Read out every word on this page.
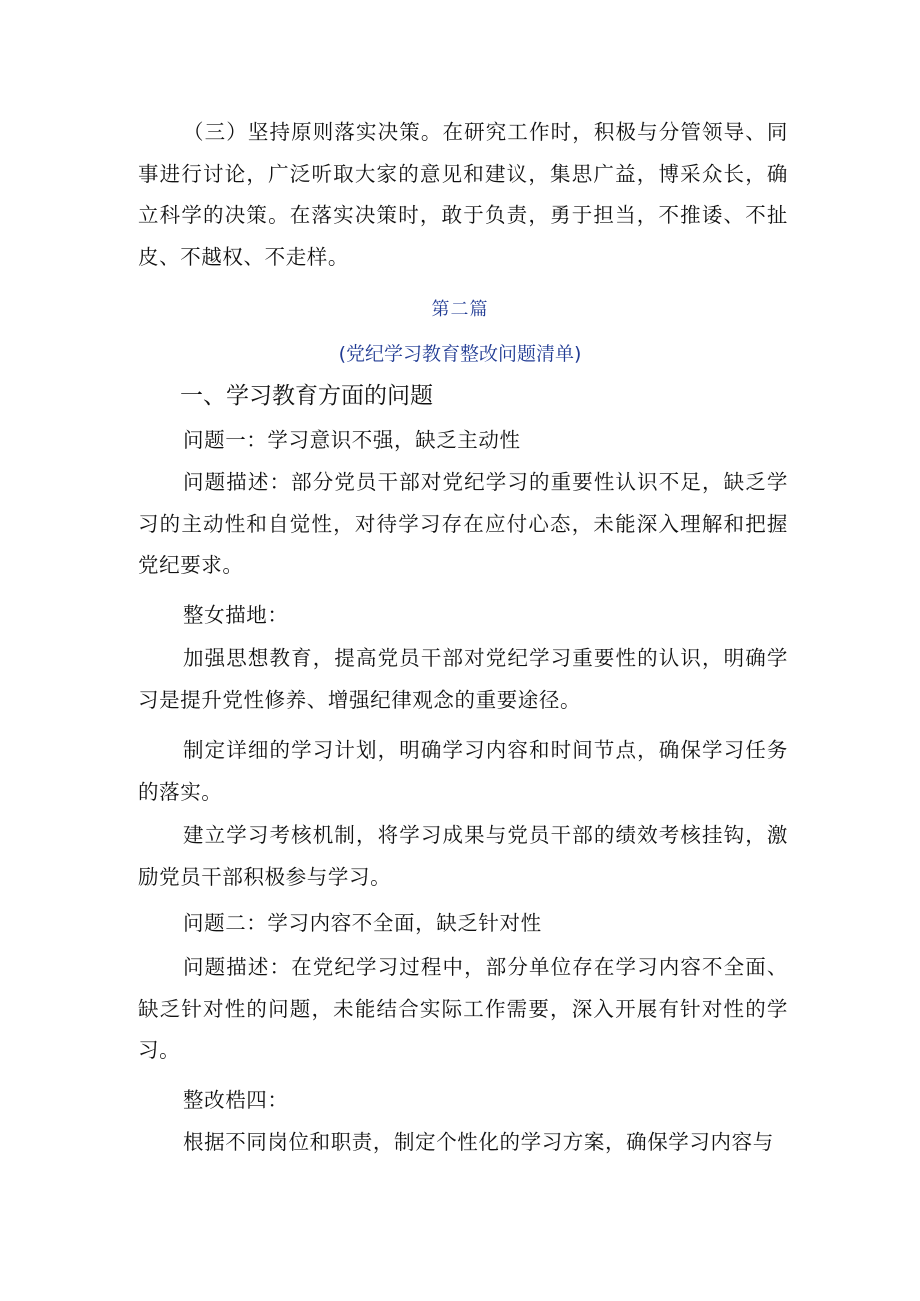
（三）坚持原则落实决策。在研究工作时，积极与分管领导、同事进行讨论，广泛听取大家的意见和建议，集思广益，博采众长，确立科学的决策。在落实决策时，敢于负责，勇于担当，不推诿、不扯皮、不越权、不走样。

第二篇

(党纪学习教育整改问题清单)

一、学习教育方面的问题

问题一：学习意识不强，缺乏主动性

问题描述：部分党员干部对党纪学习的重要性认识不足，缺乏学习的主动性和自觉性，对待学习存在应付心态，未能深入理解和把握党纪要求。

整女描地：

加强思想教育，提高党员干部对党纪学习重要性的认识，明确学习是提升党性修养、增强纪律观念的重要途径。

制定详细的学习计划，明确学习内容和时间节点，确保学习任务的落实。

建立学习考核机制，将学习成果与党员干部的绩效考核挂钩，激励党员干部积极参与学习。

问题二：学习内容不全面，缺乏针对性

问题描述：在党纪学习过程中，部分单位存在学习内容不全面、缺乏针对性的问题，未能结合实际工作需要，深入开展有针对性的学习。

整改梏四：

根据不同岗位和职责，制定个性化的学习方案，确保学习内容与
